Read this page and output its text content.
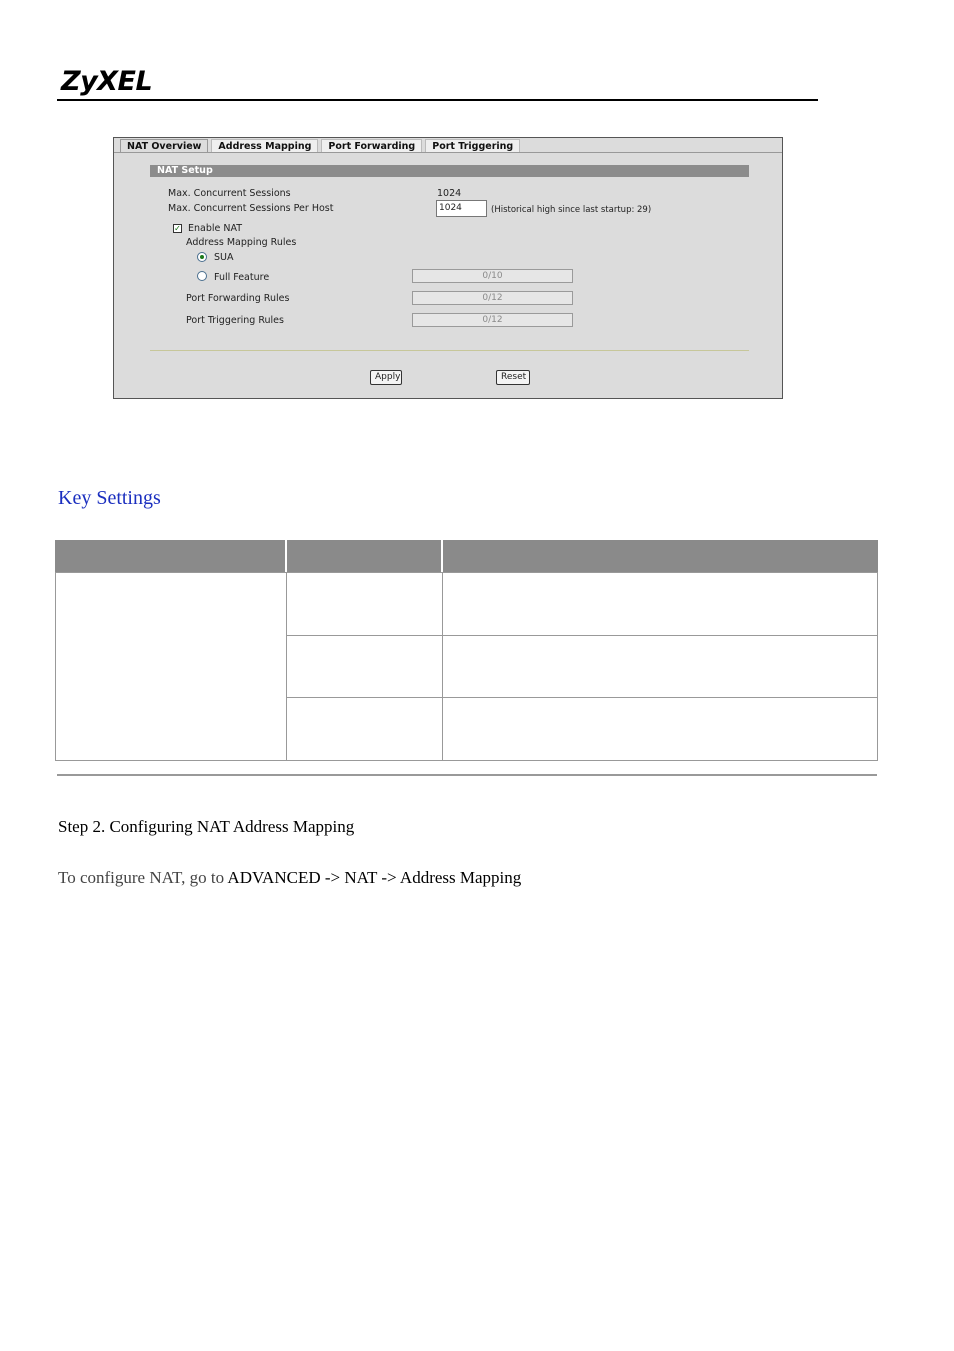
ZyXEL
NAT Overview	Address Mapping	Port Forwarding	Port Triggering
NAT Setup
Max. Concurrent Sessions	1024
Max. Concurrent Sessions Per Host	1024	(Historical high since last startup: 29)
✓ Enable NAT
Address Mapping Rules
SUA
Full Feature	0/10
Port Forwarding Rules	0/12
Port Triggering Rules	0/12
Apply	Reset
Key Settings
Step 2. Configuring NAT Address Mapping
To configure NAT, go to ADVANCED -> NAT -> Address Mapping
